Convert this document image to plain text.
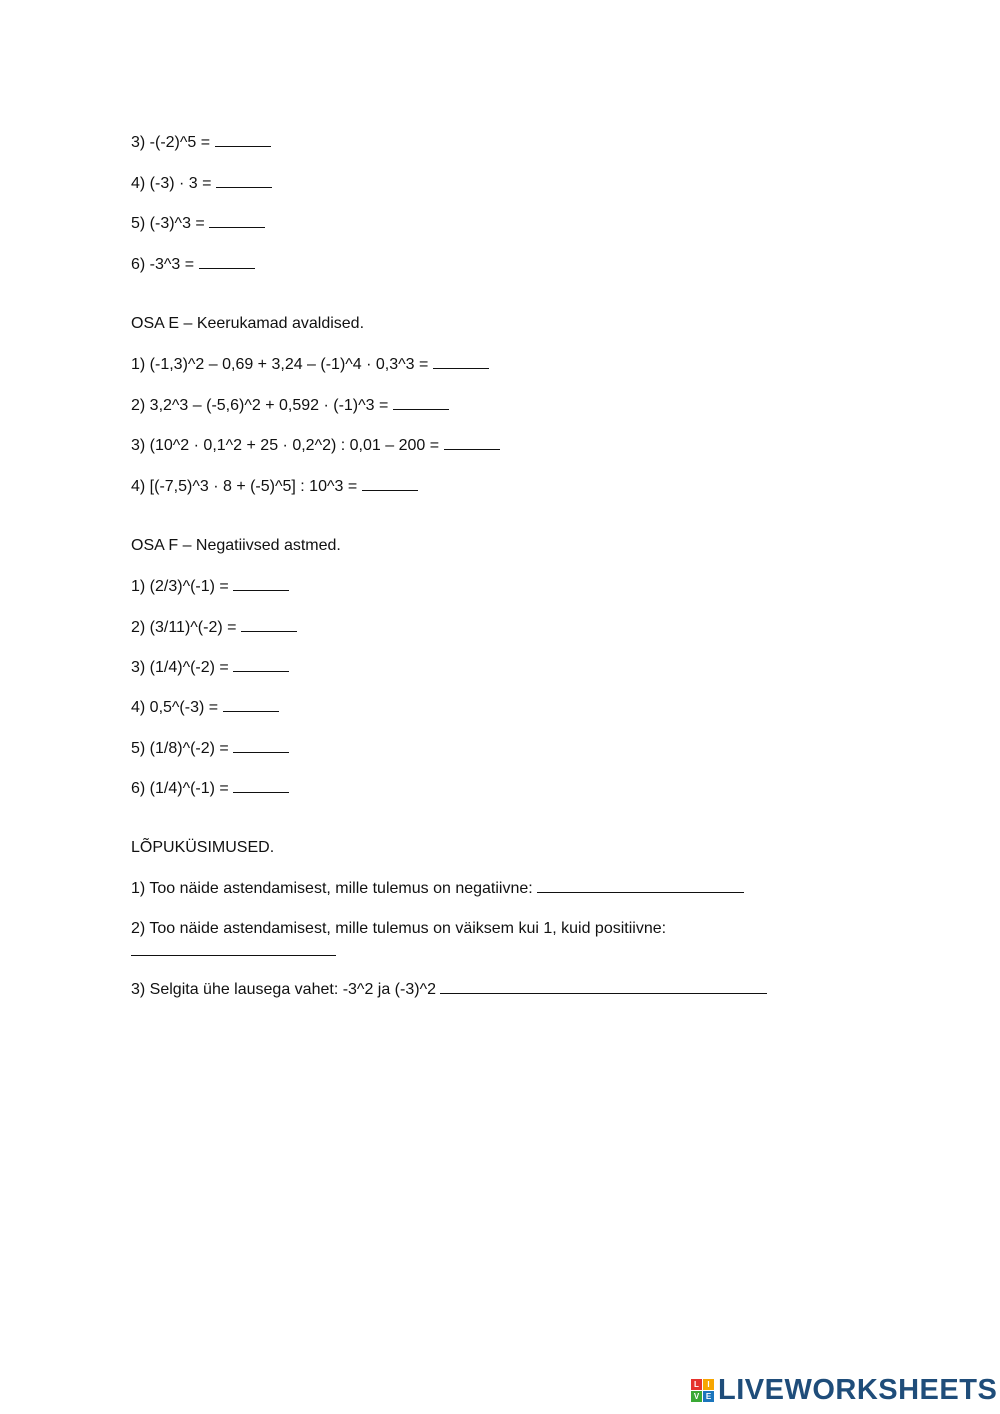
3) -(-2)^5 =
4) (-3) · 3 =
5) (-3)^3 =
6) -3^3 =
OSA E – Keerukamad avaldised.
1) (-1,3)^2 – 0,69 + 3,24 – (-1)^4 · 0,3^3 =
2) 3,2^3 – (-5,6)^2 + 0,592 · (-1)^3 =
3) (10^2 · 0,1^2 + 25 · 0,2^2) : 0,01 – 200 =
4) [(-7,5)^3 · 8 + (-5)^5] : 10^3 =
OSA F – Negatiivsed astmed.
1) (2/3)^(-1) =
2) (3/11)^(-2) =
3) (1/4)^(-2) =
4) 0,5^(-3) =
5) (1/8)^(-2) =
6) (1/4)^(-1) =
LÕPUKÜSIMUSED.
1) Too näide astendamisest, mille tulemus on negatiivne:
2) Too näide astendamisest, mille tulemus on väiksem kui 1, kuid positiivne:
3) Selgita ühe lausega vahet: -3^2 ja (-3)^2
L	I
V E LIVEWORKSHEETS
